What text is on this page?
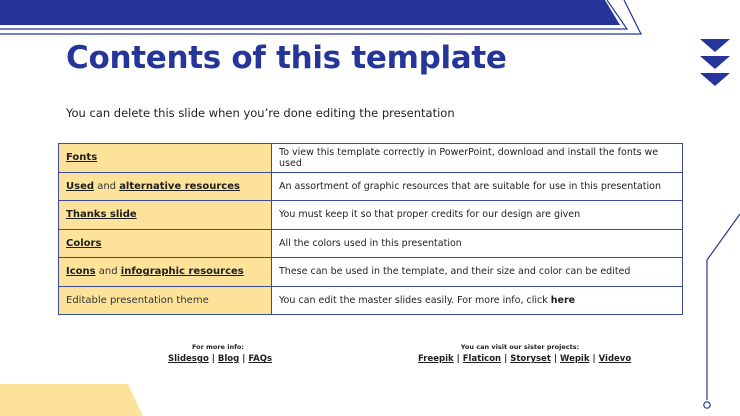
Contents of this template
You can delete this slide when you’re done editing the presentation
Fonts	To view this template correctly in PowerPoint, download and install the fonts we used
Used and alternative resources	An assortment of graphic resources that are suitable for use in this presentation
Thanks slide	You must keep it so that proper credits for our design are given
Colors	All the colors used in this presentation
Icons and infographic resources	These can be used in the template, and their size and color can be edited
Editable presentation theme	You can edit the master slides easily. For more info, click here
For more info:
Slidesgo | Blog | FAQs
You can visit our sister projects:
Freepik | Flaticon | Storyset | Wepik | Videvo
